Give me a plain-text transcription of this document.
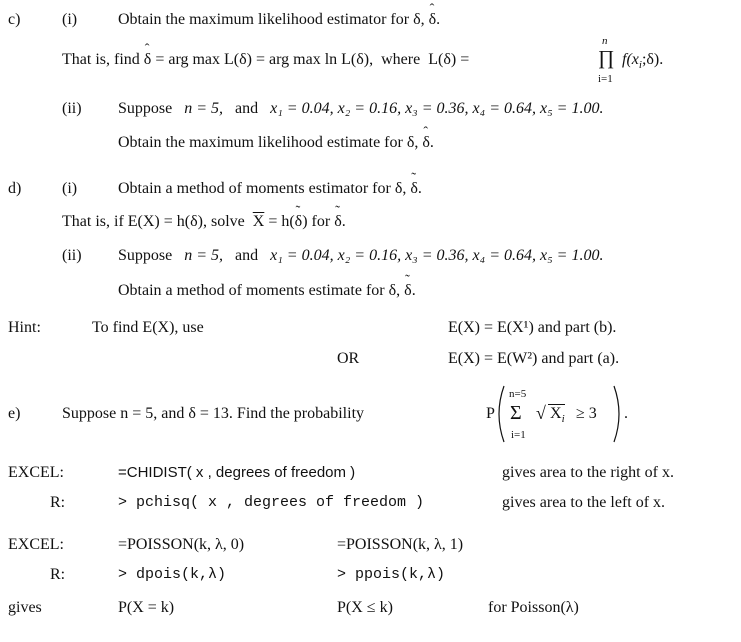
c)	(i)	Obtain the maximum likelihood estimator for δ, ˆ δ.
That is, find ˆ δ = arg max L(δ) = arg max ln L(δ), where L(δ) =	∏
n
i=1
$f(x_i;\delta)$.
(ii) Suppose n = 5, and x₁ = 0.04, x₂ = 0.16, x₃ = 0.36, x₄ = 0.64, x₅ = 1.00.
Obtain the maximum likelihood estimate for δ, ˆ δ.
d)	(i)	Obtain a method of moments estimator for δ, ˜ δ.
That is, if E(X) = h(δ), solve $\overline{X}$ = h(˜ δ) for ˜ δ.
(ii) Suppose n = 5, and x₁ = 0.04, x₂ = 0.16, x₃ = 0.36, x₄ = 0.64, x₅ = 1.00.
Obtain a method of moments estimate for δ, ˜ δ.
Hint:	To find E(X), use	E(X) = E(X¹) and part (b).
OR	E(X) = E(W²) and part (a).
e)	Suppose n = 5, and δ = 13. Find the probability	P
n=5
Σ
i=1
√ $X_i \ge 3$ .
EXCEL:	=CHIDIST( x , degrees of freedom )	gives area to the right of x.
R:	> pchisq( x , degrees of freedom )	gives area to the left of x.
EXCEL:	=POISSON(k, λ, 0)	=POISSON(k, λ, 1)
R:	> dpois(k,λ)	> ppois(k,λ)
gives	P(X = k)	P(X ≤ k)	for Poisson(λ)
